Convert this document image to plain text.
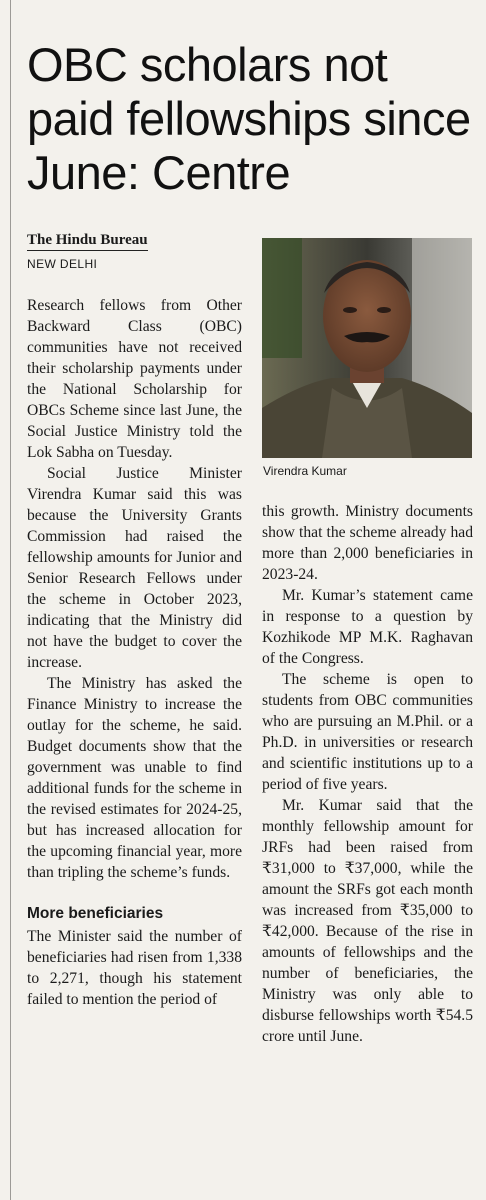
OBC scholars not paid fellowships since June: Centre
The Hindu Bureau
NEW DELHI
Virendra Kumar

Research fellows from Other Backward Class (OBC) communities have not received their scholarship payments under the National Scholarship for OBCs Scheme since last June, the Social Justice Ministry told the Lok Sabha on Tuesday.

Social Justice Minister Virendra Kumar said this was because the University Grants Commission had raised the fellowship amounts for Junior and Senior Research Fellows under the scheme in October 2023, indicating that the Ministry did not have the budget to cover the increase.

The Ministry has asked the Finance Ministry to increase the outlay for the scheme, he said. Budget documents show that the government was unable to find additional funds for the scheme in the revised estimates for 2024-25, but has increased allocation for the upcoming financial year, more than tripling the scheme’s funds.

More beneficiaries

The Minister said the number of beneficiaries had risen from 1,338 to 2,271, though his statement failed to mention the period of

this growth. Ministry documents show that the scheme already had more than 2,000 beneficiaries in 2023-24.

Mr. Kumar’s statement came in response to a question by Kozhikode MP M.K. Raghavan of the Congress.

The scheme is open to students from OBC communities who are pursuing an M.Phil. or a Ph.D. in universities or research and scientific institutions up to a period of five years.

Mr. Kumar said that the monthly fellowship amount for JRFs had been raised from ₹31,000 to ₹37,000, while the amount the SRFs got each month was increased from ₹35,000 to ₹42,000. Because of the rise in amounts of fellowships and the number of beneficiaries, the Ministry was only able to disburse fellowships worth ₹54.5 crore until June.
